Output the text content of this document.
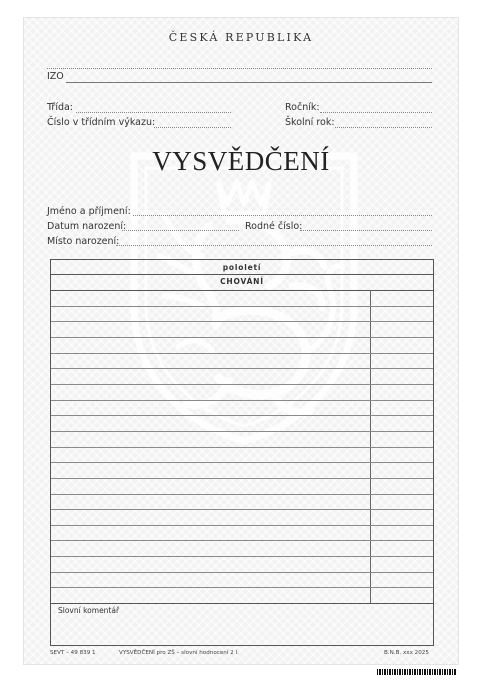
ČESKÁ REPUBLIKA
IZO
Třída:	Ročník:
Číslo v třídním výkazu:	Školní rok:
VYSVĚDČENÍ
Jméno a příjmení:
Datum narození:	Rodné číslo:
Místo narození:
pololetí
CHOVÁNÍ
Slovní komentář
SEVT – 49 839 1	VYSVĚDČENÍ pro ZŠ – slovní hodnocení 2 l.	B.N.B. xxx 2025
